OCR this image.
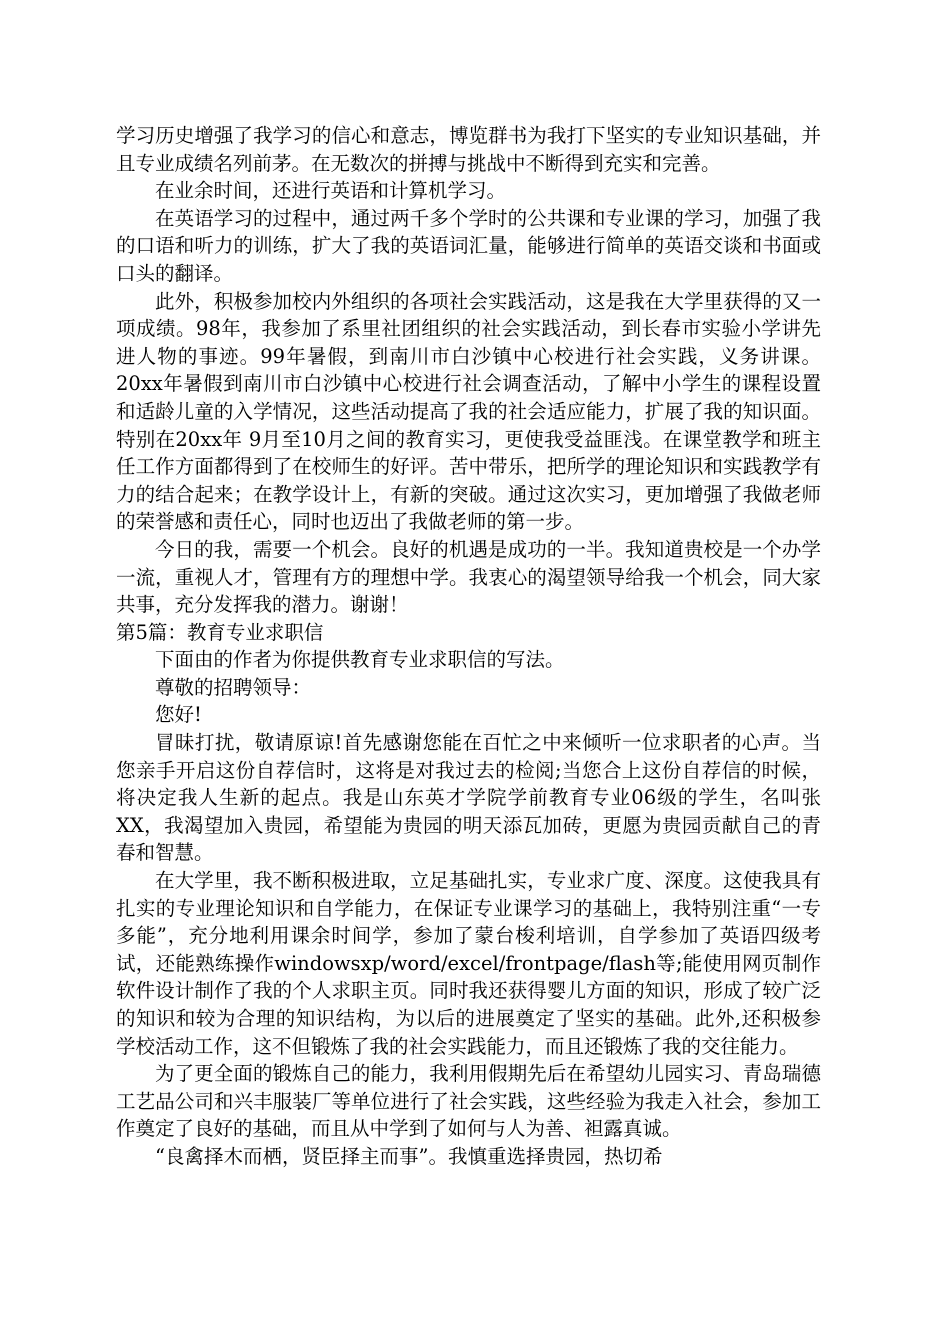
学习历史增强了我学习的信心和意志，博览群书为我打下坚实的专业知识基础，并且专业成绩名列前茅。在无数次的拼搏与挑战中不断得到充实和完善。

在业余时间，还进行英语和计算机学习。

在英语学习的过程中，通过两千多个学时的公共课和专业课的学习，加强了我的口语和听力的训练，扩大了我的英语词汇量，能够进行简单的英语交谈和书面或口头的翻译。

此外，积极参加校内外组织的各项社会实践活动，这是我在大学里获得的又一项成绩。98年，我参加了系里社团组织的社会实践活动，到长春市实验小学讲先进人物的事迹。99年暑假，到南川市白沙镇中心校进行社会实践，义务讲课。20xx年暑假到南川市白沙镇中心校进行社会调查活动，了解中小学生的课程设置和适龄儿童的入学情况，这些活动提高了我的社会适应能力，扩展了我的知识面。特别在20xx年 9月至10月之间的教育实习，更使我受益匪浅。在课堂教学和班主任工作方面都得到了在校师生的好评。苦中带乐，把所学的理论知识和实践教学有力的结合起来；在教学设计上，有新的突破。通过这次实习，更加增强了我做老师的荣誉感和责任心，同时也迈出了我做老师的第一步。

今日的我，需要一个机会。良好的机遇是成功的一半。我知道贵校是一个办学一流，重视人才，管理有方的理想中学。我衷心的渴望领导给我一个机会，同大家共事，充分发挥我的潜力。谢谢！

第5篇：教育专业求职信

下面由的作者为你提供教育专业求职信的写法。

尊敬的招聘领导：

您好!

冒昧打扰，敬请原谅!首先感谢您能在百忙之中来倾听一位求职者的心声。当您亲手开启这份自荐信时，这将是对我过去的检阅;当您合上这份自荐信的时候，将决定我人生新的起点。我是山东英才学院学前教育专业06级的学生，名叫张XX，我渴望加入贵园，希望能为贵园的明天添瓦加砖，更愿为贵园贡献自己的青春和智慧。

在大学里，我不断积极进取，立足基础扎实，专业求广度、深度。这使我具有扎实的专业理论知识和自学能力，在保证专业课学习的基础上，我特别注重“一专多能”，充分地利用课余时间学，参加了蒙台梭利培训，自学参加了英语四级考试，还能熟练操作windowsxp/word/excel/frontpage/flash等;能使用网页制作软件设计制作了我的个人求职主页。同时我还获得婴儿方面的知识，形成了较广泛的知识和较为合理的知识结构，为以后的进展奠定了坚实的基础。此外,还积极参学校活动工作，这不但锻炼了我的社会实践能力，而且还锻炼了我的交往能力。

为了更全面的锻炼自己的能力，我利用假期先后在希望幼儿园实习、青岛瑞德工艺品公司和兴丰服装厂等单位进行了社会实践，这些经验为我走入社会，参加工作奠定了良好的基础，而且从中学到了如何与人为善、袒露真诚。

“良禽择木而栖，贤臣择主而事”。我慎重选择贵园，热切希
